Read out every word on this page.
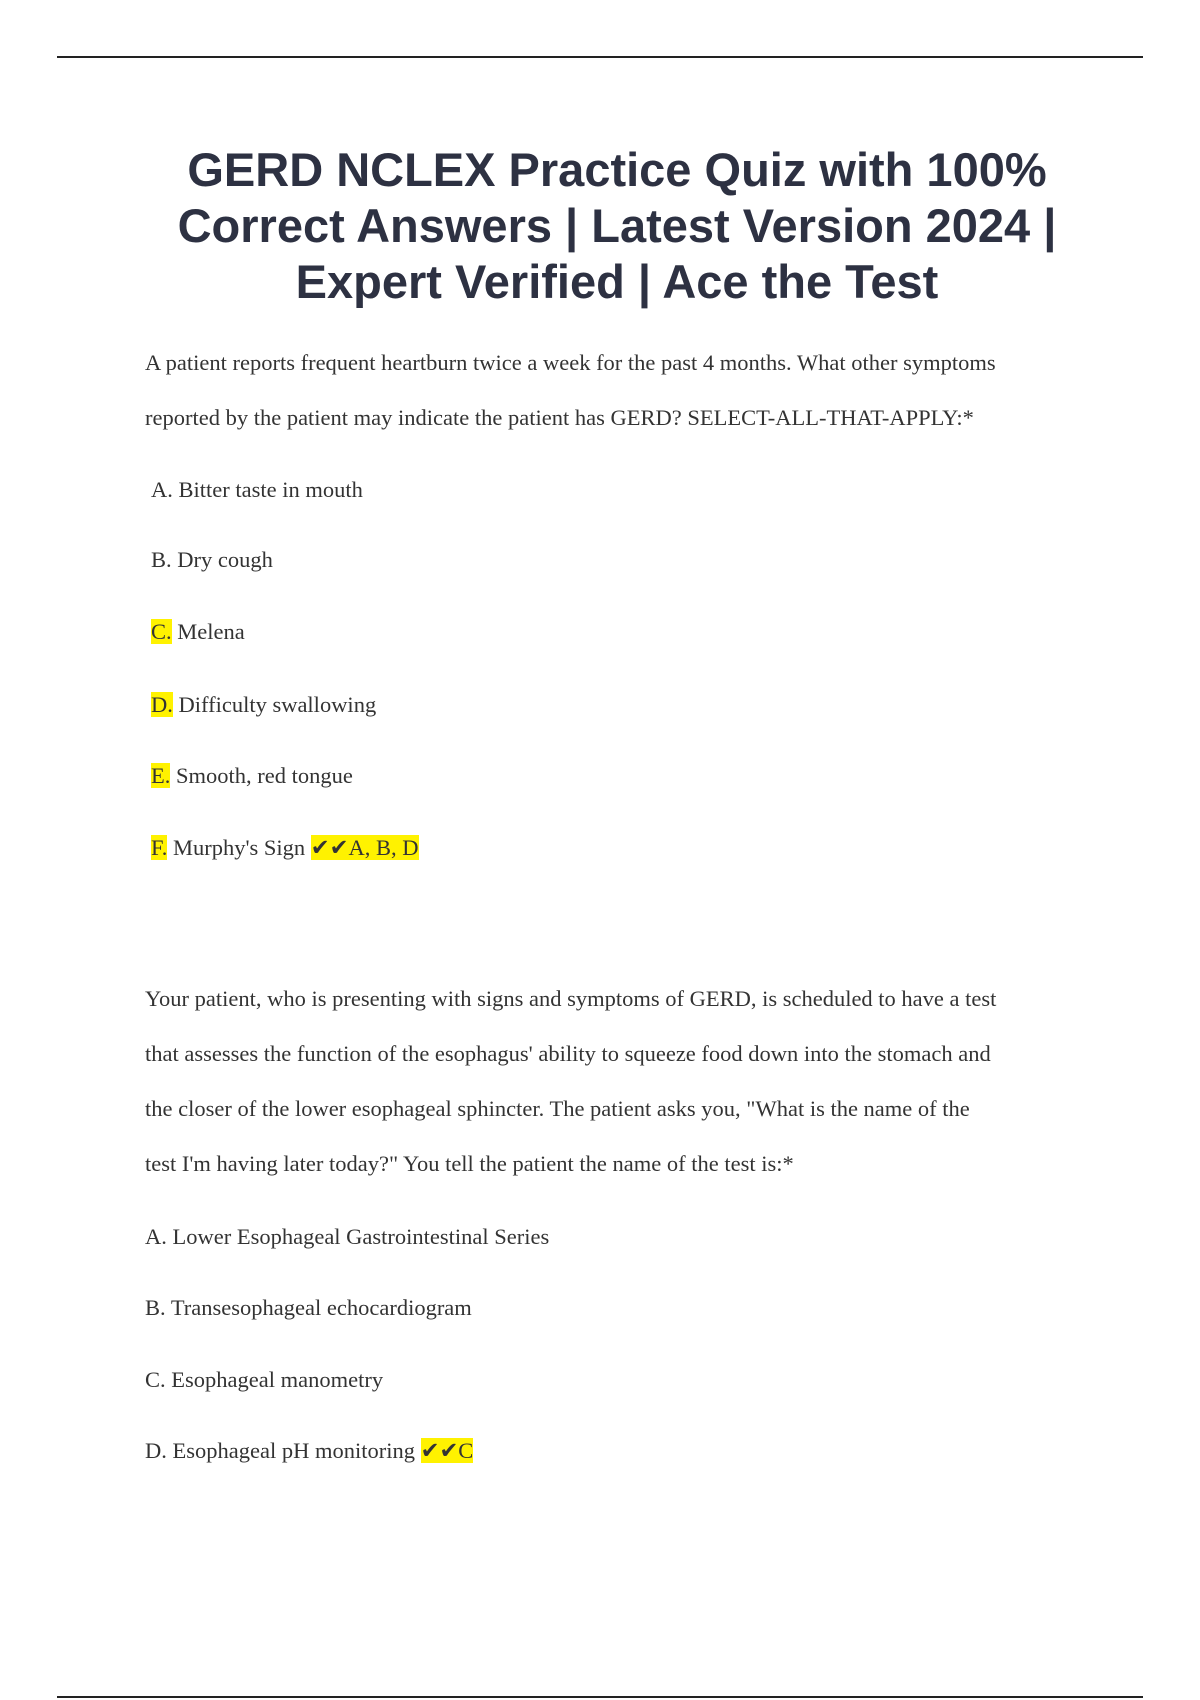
GERD NCLEX Practice Quiz with 100%
Correct Answers | Latest Version 2024 |
Expert Verified | Ace the Test

A patient reports frequent heartburn twice a week for the past 4 months. What other symptoms
reported by the patient may indicate the patient has GERD? SELECT-ALL-THAT-APPLY:*

A. Bitter taste in mouth
B. Dry cough
C. Melena
D. Difficulty swallowing
E. Smooth, red tongue
F. Murphy's Sign ✔✔A, B, D

Your patient, who is presenting with signs and symptoms of GERD, is scheduled to have a test
that assesses the function of the esophagus' ability to squeeze food down into the stomach and
the closer of the lower esophageal sphincter. The patient asks you, "What is the name of the
test I'm having later today?" You tell the patient the name of the test is:*

A. Lower Esophageal Gastrointestinal Series
B. Transesophageal echocardiogram
C. Esophageal manometry
D. Esophageal pH monitoring ✔✔C
